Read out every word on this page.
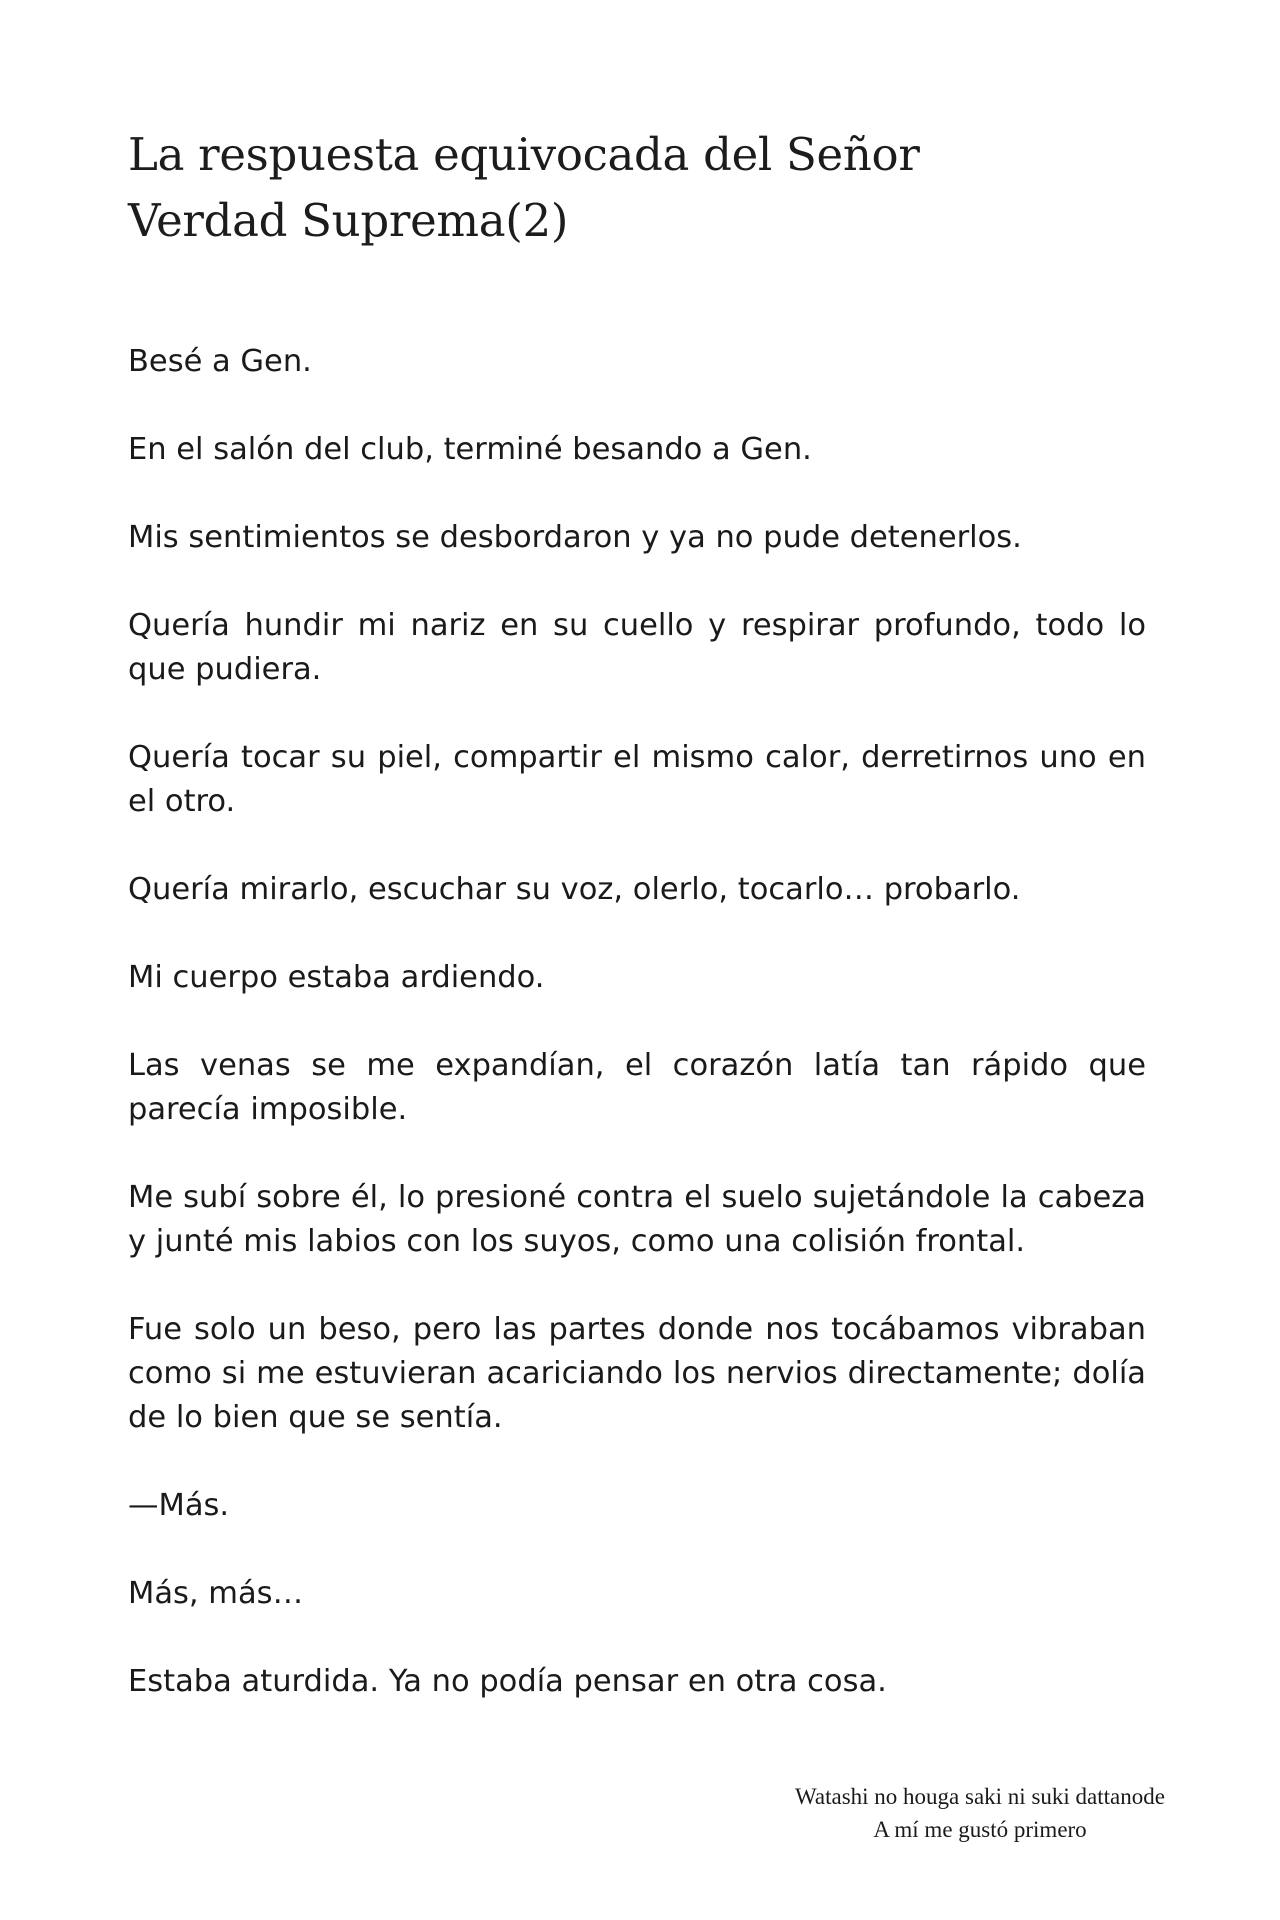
La respuesta equivocada del Señor Verdad Suprema(2)

Besé a Gen.

En el salón del club, terminé besando a Gen.

Mis sentimientos se desbordaron y ya no pude detenerlos.

Quería hundir mi nariz en su cuello y respirar profundo, todo lo que pudiera.

Quería tocar su piel, compartir el mismo calor, derretirnos uno en el otro.

Quería mirarlo, escuchar su voz, olerlo, tocarlo… probarlo.

Mi cuerpo estaba ardiendo.

Las venas se me expandían, el corazón latía tan rápido que parecía imposible.

Me subí sobre él, lo presioné contra el suelo sujetándole la cabeza y junté mis labios con los suyos, como una colisión frontal.

Fue solo un beso, pero las partes donde nos tocábamos vibraban como si me estuvieran acariciando los nervios directamente; dolía de lo bien que se sentía.

—Más.

Más, más…

Estaba aturdida. Ya no podía pensar en otra cosa.

Watashi no houga saki ni suki dattanode
A mí me gustó primero
